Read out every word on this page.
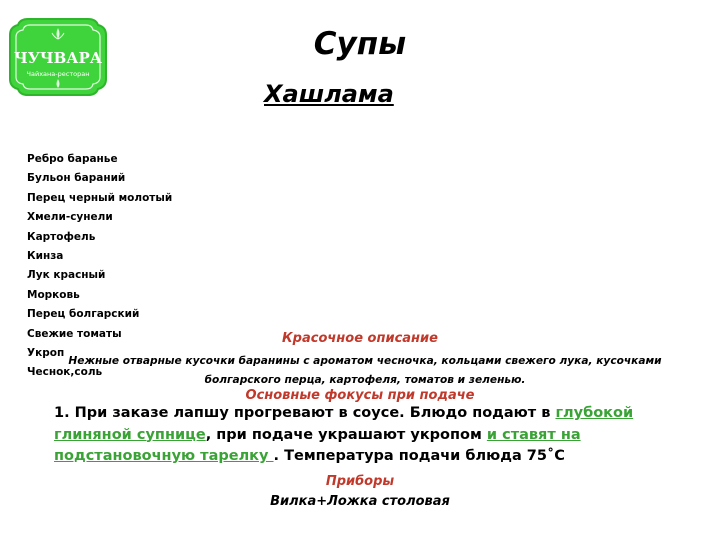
ЧУЧВАРА
Чайхана-ресторан
Супы
Хашлама
Ребро баранье
Бульон бараний
Перец черный молотый
Хмели-сунели
Картофель
Кинза
Лук красный
Морковь
Перец болгарский
Свежие томаты
Укроп
Чеснок,соль
Красочное описание
Нежные отварные кусочки баранины с ароматом чесночка, кольцами свежего лука, кусочками болгарского перца, картофеля, томатов и зеленью.
Основные фокусы при подаче
1. При заказе лапшу прогревают в соусе. Блюдо подают в глубокой глиняной супнице, при подаче украшают укропом и ставят на подстановочную тарелку . Температура подачи блюда 75˚С
Приборы
Вилка+Ложка столовая
